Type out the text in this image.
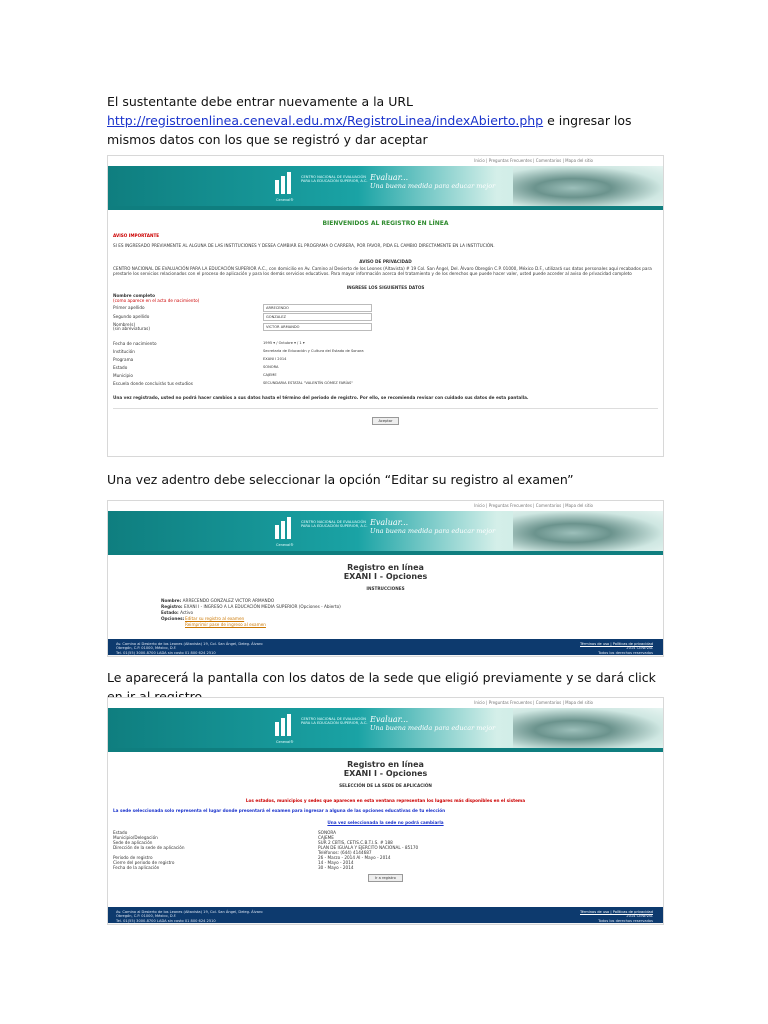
El sustentante debe entrar nuevamente a la URL
http://registroenlinea.ceneval.edu.mx/RegistroLinea/indexAbierto.php e ingresar los mismos datos con los que se registró y dar aceptar
Inicio | Preguntas Frecuentes | Comentarios | Mapa del sitio
CENTRO NACIONAL DE EVALUACIÓN PARA LA EDUCACIÓN SUPERIOR, A.C.
Ceneval®
Evaluar...
Una buena medida para educar mejor
BIENVENIDOS AL REGISTRO EN LÍNEA
AVISO IMPORTANTE
SI ES INGRESADO PREVIAMENTE AL ALGUNA DE LAS INSTITUCIONES Y DESEA CAMBIAR EL PROGRAMA O CARRERA, POR FAVOR, PIDA EL CAMBIO DIRECTAMENTE EN LA INSTITUCIÓN.
AVISO DE PRIVACIDAD
CENTRO NACIONAL DE EVALUACIÓN PARA LA EDUCACIÓN SUPERIOR A.C., con domicilio en Av. Camino al Desierto de los Leones (Altavista) # 19 Col. San Ángel, Del. Álvaro Obregón C.P. 01000, México D.F., utilizará sus datos personales aquí recabados para prestarle los servicios relacionados con el proceso de aplicación y para los demás servicios educativos. Para mayor información acerca del tratamiento y de los derechos que puede hacer valer, usted puede acceder al aviso de privacidad completo
INGRESE LOS SIGUIENTES DATOS
Nombre completo
(como aparece en el acta de nacimiento)
Primer apellido	ARRECENDO
Segundo apellido	GONZALEZ
Nombre(s)
(sin abreviaturas)	VICTOR ARMANDO
Fecha de nacimiento	1995 ▾ / Octubre ▾ / 1 ▾
Institución	Secretaría de Educación y Cultura del Estado de Sonora
Programa	EXANI I 2014
Estado	SONORA
Municipio	CAJEME
Escuela donde concluirás tus estudios	SECUNDARIA ESTATAL "VALENTÍN GÓMEZ FARÍAS"
Una vez registrado, usted no podrá hacer cambios a sus datos hasta el término del periodo de registro. Por ello, se recomienda revisar con cuidado sus datos de esta pantalla.
Aceptar
Una vez adentro debe seleccionar la opción “Editar su registro al examen”
Inicio | Preguntas Frecuentes | Comentarios | Mapa del sitio
CENTRO NACIONAL DE EVALUACIÓN PARA LA EDUCACIÓN SUPERIOR, A.C.
Ceneval®
Evaluar...
Una buena medida para educar mejor
Registro en línea
EXANI I - Opciones
INSTRUCCIONES
Nombre: ARRECENDO GONZALEZ VICTOR ARMANDO
Registro: EXANI I - INGRESO A LA EDUCACIÓN MEDIA SUPERIOR (Opciones - Abierto)
Estado: Activo
Opciones: Editar su registro al examen
Reimprimir pase de ingreso al examen
Av. Camino al Desierto de los Leones (Altavista) 19, Col. San Ángel, Deleg. Álvaro
Obregón, C.P. 01000, México, D.F.
Tel. 01(55) 3000-8700 LADA sin costo 01 800 624 2510
Términos de uso | Políticas de privacidad
2014 CENEVAL
Todos los derechos reservados
Le aparecerá la pantalla con los datos de la sede que eligió previamente y se dará click
Inicio | Preguntas Frecuentes | Comentarios | Mapa del sitio
CENTRO NACIONAL DE EVALUACIÓN PARA LA EDUCACIÓN SUPERIOR, A.C.
Ceneval®
Evaluar...
Una buena medida para educar mejor
Registro en línea
EXANI I - Opciones
SELECCIÓN DE LA SEDE DE APLICACIÓN
Los estados, municipios y sedes que aparecen en esta ventana representan los lugares más disponibles en el sistema
La sede seleccionada solo representa el lugar donde presentará el examen para ingresar a alguna de las opciones educativas de tu elección
Una vez seleccionada la sede no podrá cambiarla
Estado	SONORA
Municipio/Delegación	CAJEME
Sede de aplicación	SUR 2 CBTIS, CETIS.C.B.T.I.S. # 188
Dirección de la sede de aplicación	PLAN DE IGUALA Y EJERCITO NACIONAL - 85170
Teléfonos: (644) 4144687
Periodo de registro	26 - Marzo - 2014 Al - Mayo - 2014
Cierre del periodo de registro	14 - Mayo - 2014
Fecha de la aplicación	30 - Mayo - 2014
Ir a registro
Av. Camino al Desierto de los Leones (Altavista) 19, Col. San Ángel, Deleg. Álvaro
Obregón, C.P. 01000, México, D.F.
Tel. 01(55) 3000-8700 LADA sin costo 01 800 624 2510
Términos de uso | Políticas de privacidad
2014 CENEVAL
Todos los derechos reservados
